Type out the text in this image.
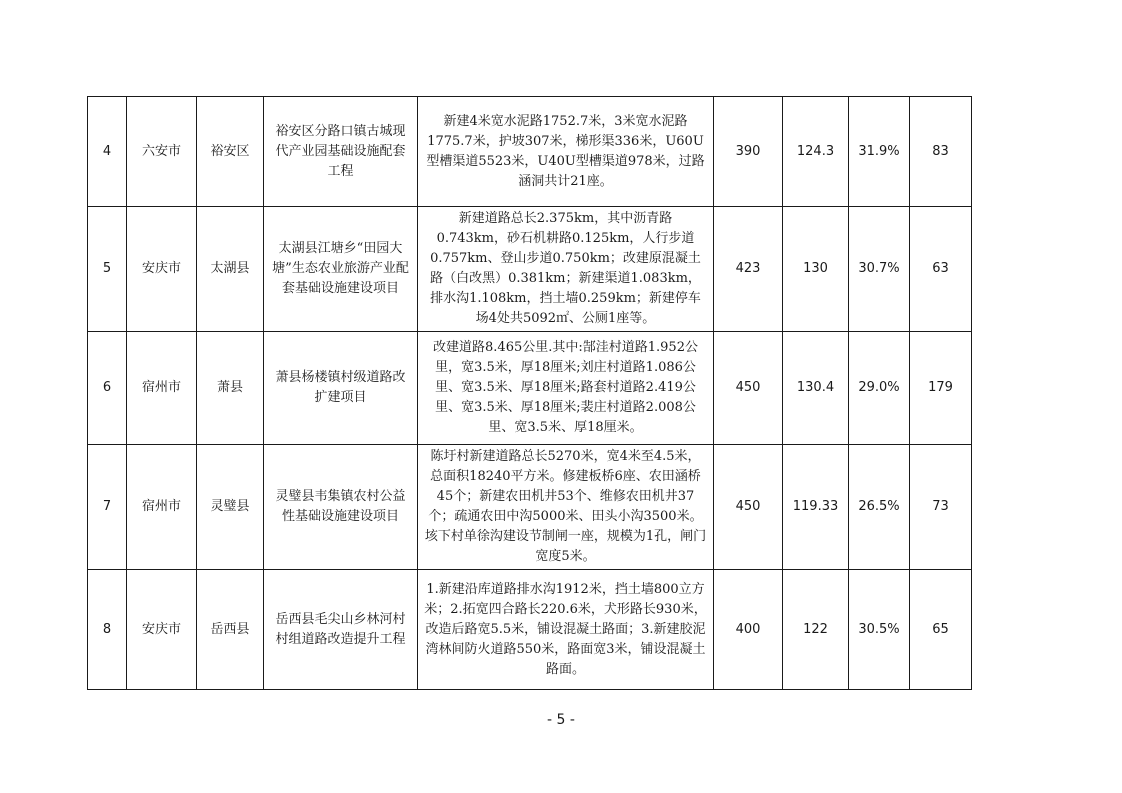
4	六安市	裕安区	裕安区分路口镇古城现代产业园基础设施配套工程	新建4米宽水泥路1752.7米，3米宽水泥路1775.7米，护坡307米，梯形渠336米，U60U型槽渠道5523米，U40U型槽渠道978米，过路涵洞共计21座。	390	124.3	31.9%	83
5	安庆市	太湖县	太湖县江塘乡“田园大塘”生态农业旅游产业配套基础设施建设项目	新建道路总长2.375km，其中沥青路0.743km，砂石机耕路0.125km，人行步道0.757km、登山步道0.750km；改建原混凝土路（白改黑）0.381km；新建渠道1.083km，排水沟1.108km，挡土墙0.259km；新建停车场4处共5092㎡、公厕1座等。	423	130	30.7%	63
6	宿州市	萧县	萧县杨楼镇村级道路改扩建项目	改建道路8.465公里.其中:郜洼村道路1.952公里，宽3.5米，厚18厘米;刘庄村道路1.086公里、宽3.5米、厚18厘米;路套村道路2.419公里、宽3.5米、厚18厘米;裴庄村道路2.008公里、宽3.5米、厚18厘米。	450	130.4	29.0%	179
7	宿州市	灵璧县	灵璧县韦集镇农村公益性基础设施建设项目	陈圩村新建道路总长5270米，宽4米至4.5米，总面积18240平方米。修建板桥6座、农田涵桥45个；新建农田机井53个、维修农田机井37个；疏通农田中沟5000米、田头小沟3500米。垓下村单徐沟建设节制闸一座，规模为1孔，闸门宽度5米。	450	119.33	26.5%	73
8	安庆市	岳西县	岳西县毛尖山乡林河村村组道路改造提升工程	1.新建沿库道路排水沟1912米，挡土墙800立方米；2.拓宽四合路长220.6米，犬形路长930米，改造后路宽5.5米，铺设混凝土路面；3.新建胶泥湾林间防火道路550米，路面宽3米，铺设混凝土路面。	400	122	30.5%	65
- 5 -
